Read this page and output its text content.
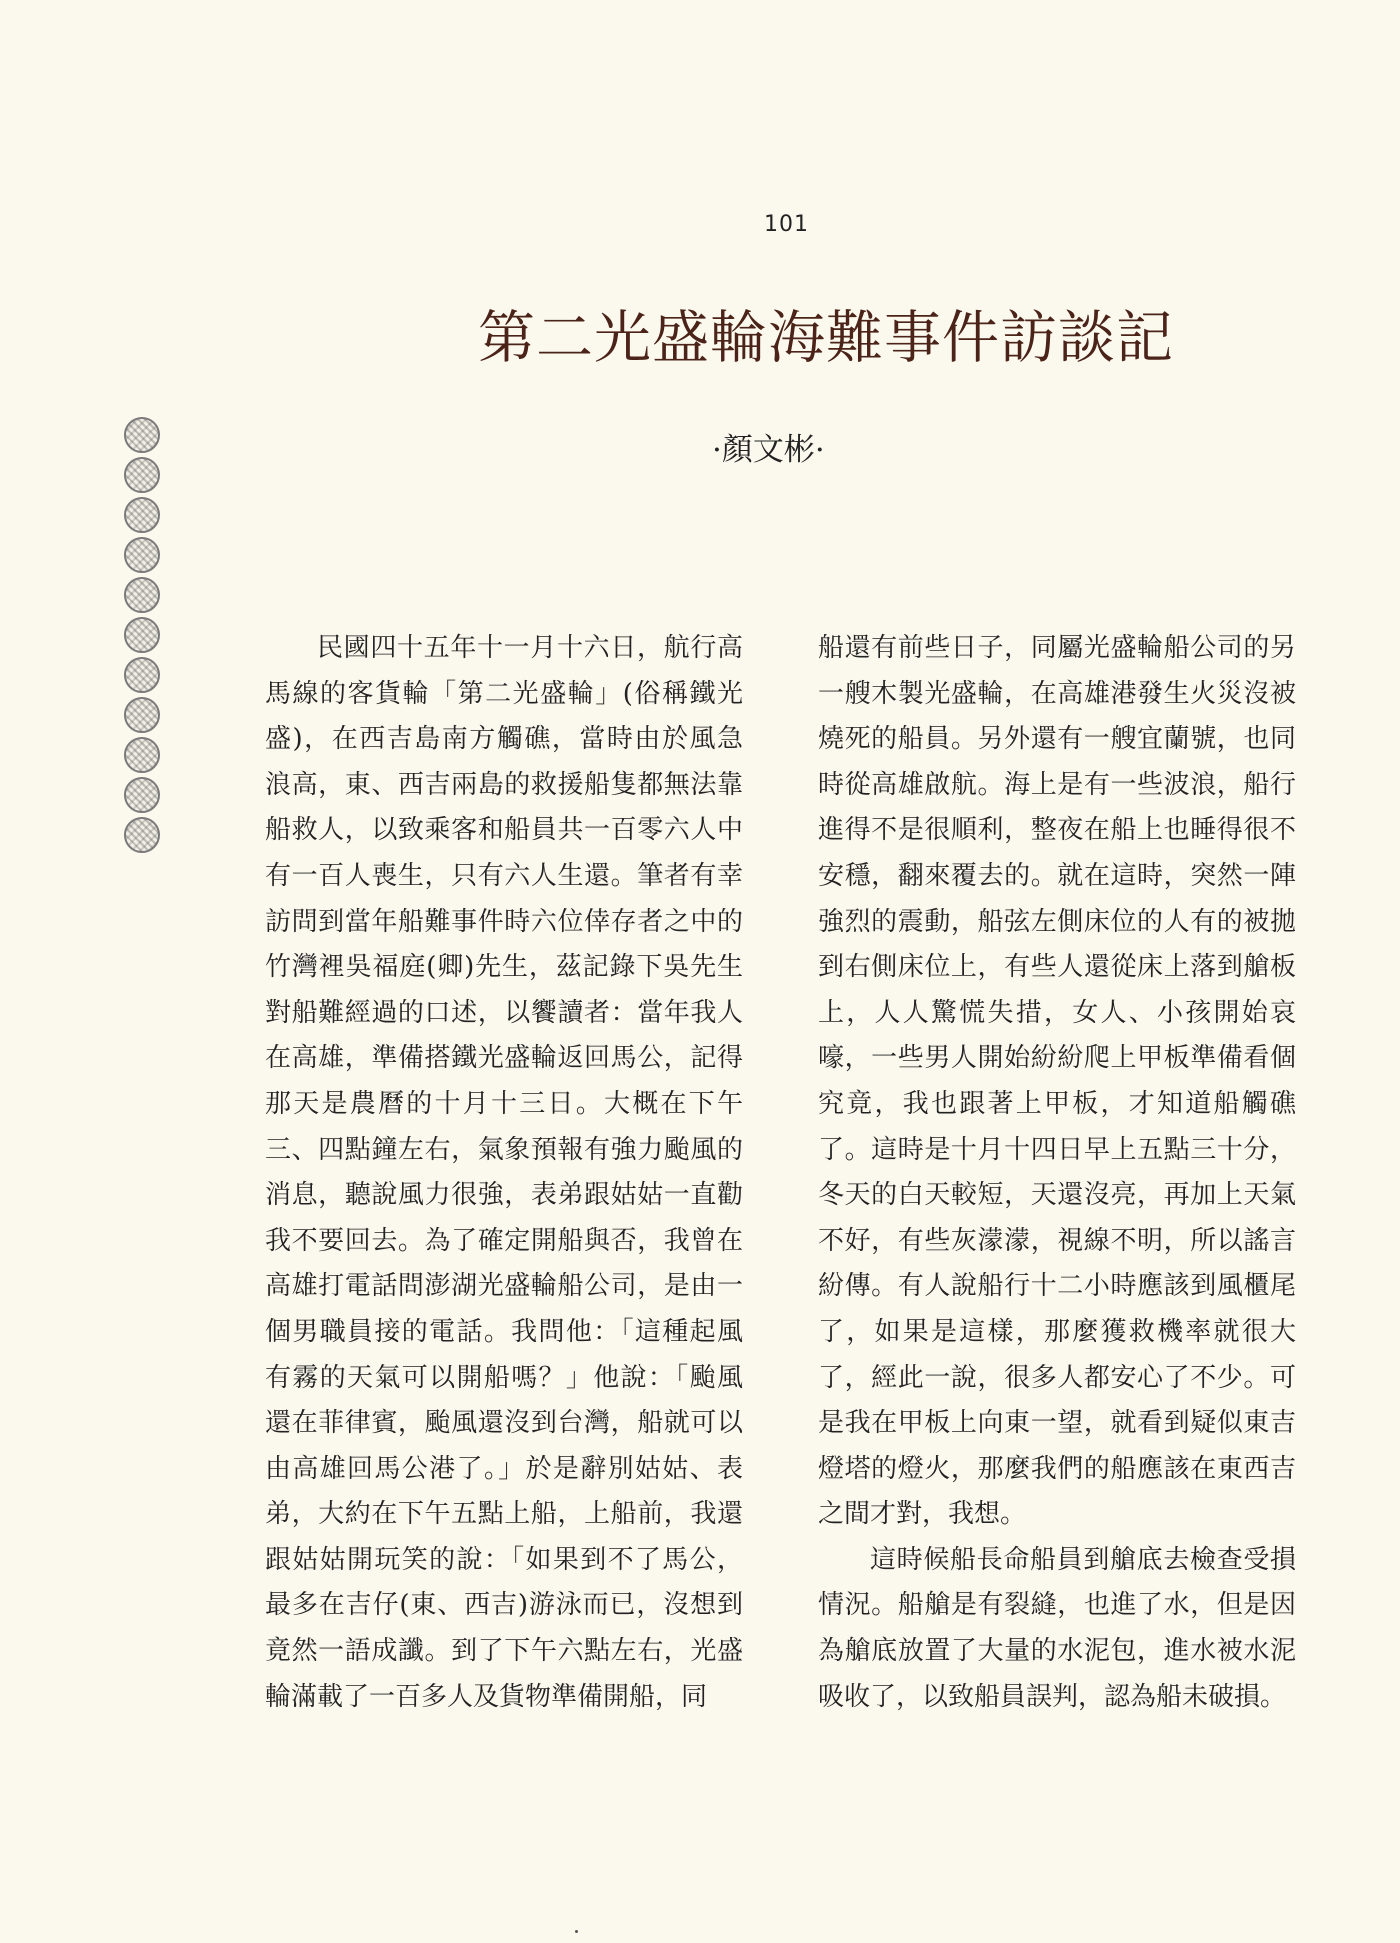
101
第二光盛輪海難事件訪談記
·顏文彬·

民國四十五年十一月十六日，航行高馬線的客貨輪「第二光盛輪」(俗稱鐵光盛)，在西吉島南方觸礁，當時由於風急浪高，東、西吉兩島的救援船隻都無法靠船救人，以致乘客和船員共一百零六人中有一百人喪生，只有六人生還。筆者有幸訪問到當年船難事件時六位倖存者之中的竹灣裡吳福庭(卿)先生，茲記錄下吳先生對船難經過的口述，以饗讀者：當年我人在高雄，準備搭鐵光盛輪返回馬公，記得那天是農曆的十月十三日。大概在下午三、四點鐘左右，氣象預報有強力颱風的消息，聽說風力很強，表弟跟姑姑一直勸我不要回去。為了確定開船與否，我曾在高雄打電話問澎湖光盛輪船公司，是由一個男職員接的電話。我問他：「這種起風有霧的天氣可以開船嗎？」他說：「颱風還在菲律賓，颱風還沒到台灣，船就可以由高雄回馬公港了。」於是辭別姑姑、表弟，大約在下午五點上船，上船前，我還跟姑姑開玩笑的說：「如果到不了馬公，最多在吉仔(東、西吉)游泳而已，沒想到竟然一語成讖。到了下午六點左右，光盛輪滿載了一百多人及貨物準備開船，同

船還有前些日子，同屬光盛輪船公司的另一艘木製光盛輪，在高雄港發生火災沒被燒死的船員。另外還有一艘宜蘭號，也同時從高雄啟航。海上是有一些波浪，船行進得不是很順利，整夜在船上也睡得很不安穩，翻來覆去的。就在這時，突然一陣強烈的震動，船弦左側床位的人有的被拋到右側床位上，有些人還從床上落到艙板上，人人驚慌失措，女人、小孩開始哀嚎，一些男人開始紛紛爬上甲板準備看個究竟，我也跟著上甲板，才知道船觸礁了。這時是十月十四日早上五點三十分，冬天的白天較短，天還沒亮，再加上天氣不好，有些灰濛濛，視線不明，所以謠言紛傳。有人說船行十二小時應該到風櫃尾了，如果是這樣，那麼獲救機率就很大了，經此一說，很多人都安心了不少。可是我在甲板上向東一望，就看到疑似東吉燈塔的燈火，那麼我們的船應該在東西吉之間才對，我想。

這時候船長命船員到艙底去檢查受損情況。船艙是有裂縫，也進了水，但是因為艙底放置了大量的水泥包，進水被水泥吸收了，以致船員誤判，認為船未破損。
